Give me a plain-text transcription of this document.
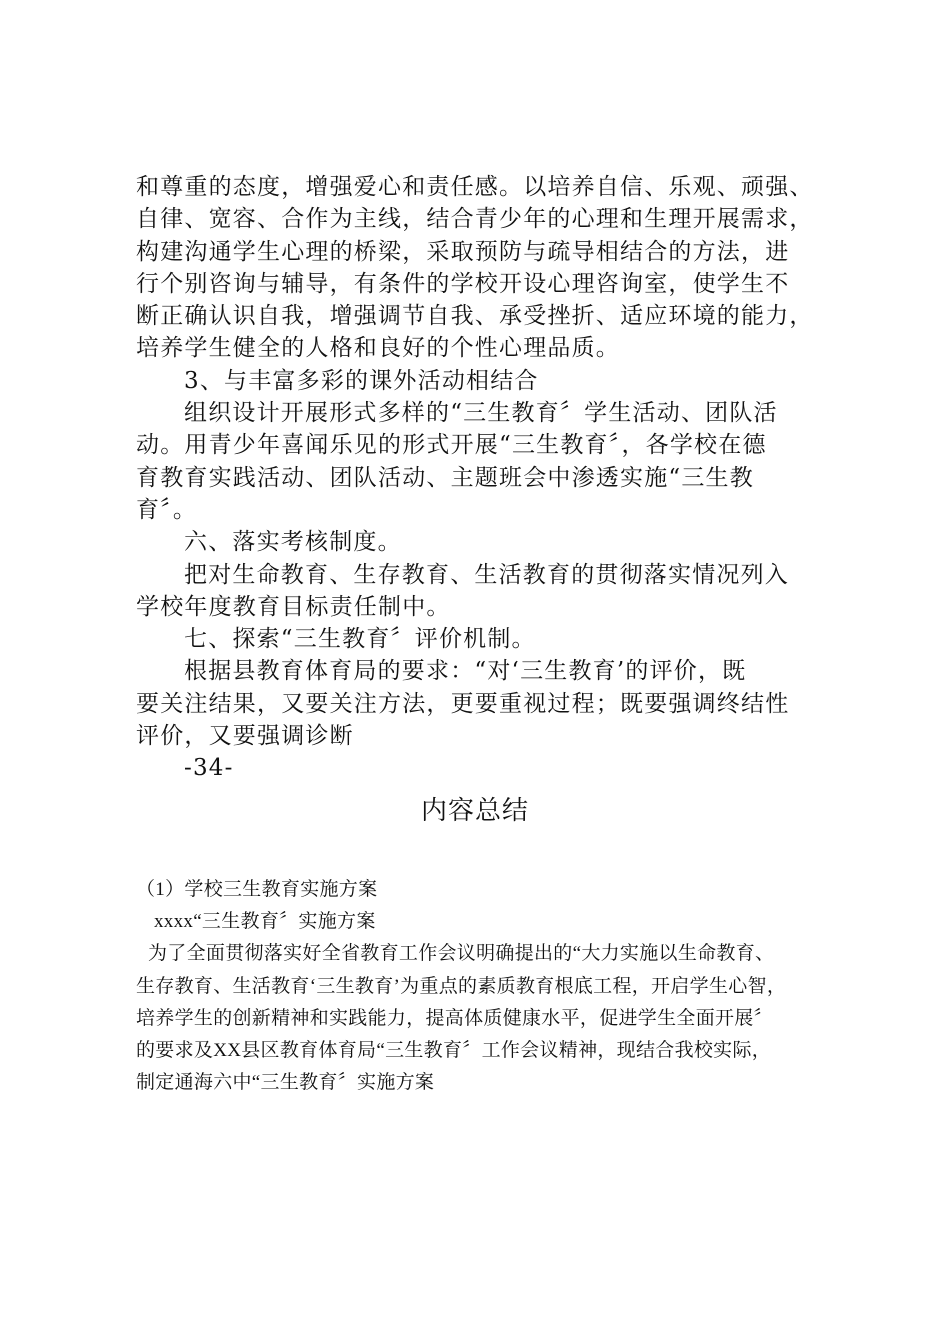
和尊重的态度，增强爱心和责任感。以培养自信、乐观、顽强、
自律、宽容、合作为主线，结合青少年的心理和生理开展需求，
构建沟通学生心理的桥梁，采取预防与疏导相结合的方法，进
行个别咨询与辅导，有条件的学校开设心理咨询室，使学生不
断正确认识自我，增强调节自我、承受挫折、适应环境的能力，
培养学生健全的人格和良好的个性心理品质。
3、与丰富多彩的课外活动相结合
组织设计开展形式多样的“三生教育〞学生活动、团队活
动。用青少年喜闻乐见的形式开展“三生教育〞，各学校在德
育教育实践活动、团队活动、主题班会中渗透实施“三生教
育〞。
六、落实考核制度。
把对生命教育、生存教育、生活教育的贯彻落实情况列入
学校年度教育目标责任制中。
七、探索“三生教育〞评价机制。
根据县教育体育局的要求：“对‘三生教育’的评价，既
要关注结果，又要关注方法，更要重视过程；既要强调终结性
评价，又要强调诊断
-34-
内容总结
（1）学校三生教育实施方案
xxxx“三生教育〞实施方案
为了全面贯彻落实好全省教育工作会议明确提出的“大力实施以生命教育、
生存教育、生活教育‘三生教育’为重点的素质教育根底工程，开启学生心智，
培养学生的创新精神和实践能力，提高体质健康水平，促进学生全面开展〞
的要求及XX县区教育体育局“三生教育〞工作会议精神，现结合我校实际，
制定通海六中“三生教育〞实施方案
